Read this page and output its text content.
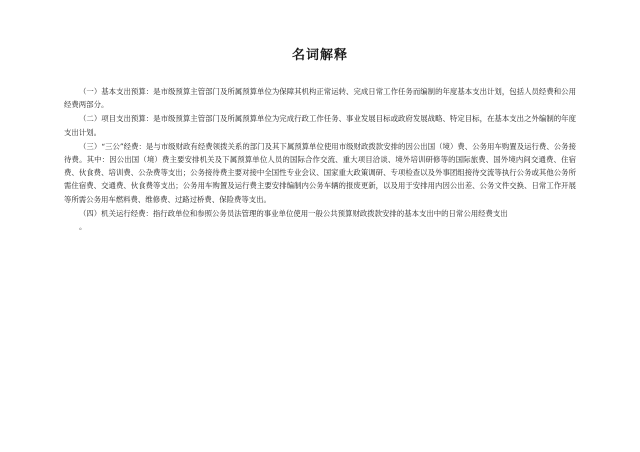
名词解释

（一）基本支出预算：是市级预算主管部门及所属预算单位为保障其机构正常运转、完成日常工作任务而编制的年度基本支出计划，包括人员经费和公用经费两部分。

（二）项目支出预算：是市级预算主管部门及所属预算单位为完成行政工作任务、事业发展目标或政府发展战略、特定目标，在基本支出之外编制的年度支出计划。

（三）“三公”经费：是与市级财政有经费领拨关系的部门及其下属预算单位使用市级财政拨款安排的因公出国（境）费、公务用车购置及运行费、公务接待费。其中：因公出国（境）费主要安排机关及下属预算单位人员的国际合作交流、重大项目洽谈、境外培训研修等的国际旅费、国外境内间交通费、住宿费、伙食费、培训费、公杂费等支出；公务接待费主要对接中全国性专业会议、国家重大政策调研、专项检查以及外事团组接待交流等执行公务或其他公务所需住宿费、交通费、伙食费等支出；公务用车购置及运行费主要安排编制内公务车辆的报废更新，以及用于安排用内因公出差、公务文件交换、日常工作开展等所需公务用车燃料费、维修费、过路过桥费、保险费等支出。

（四）机关运行经费：指行政单位和参照公务员法管理的事业单位使用一般公共预算财政拨款安排的基本支出中的日常公用经费支出

。
